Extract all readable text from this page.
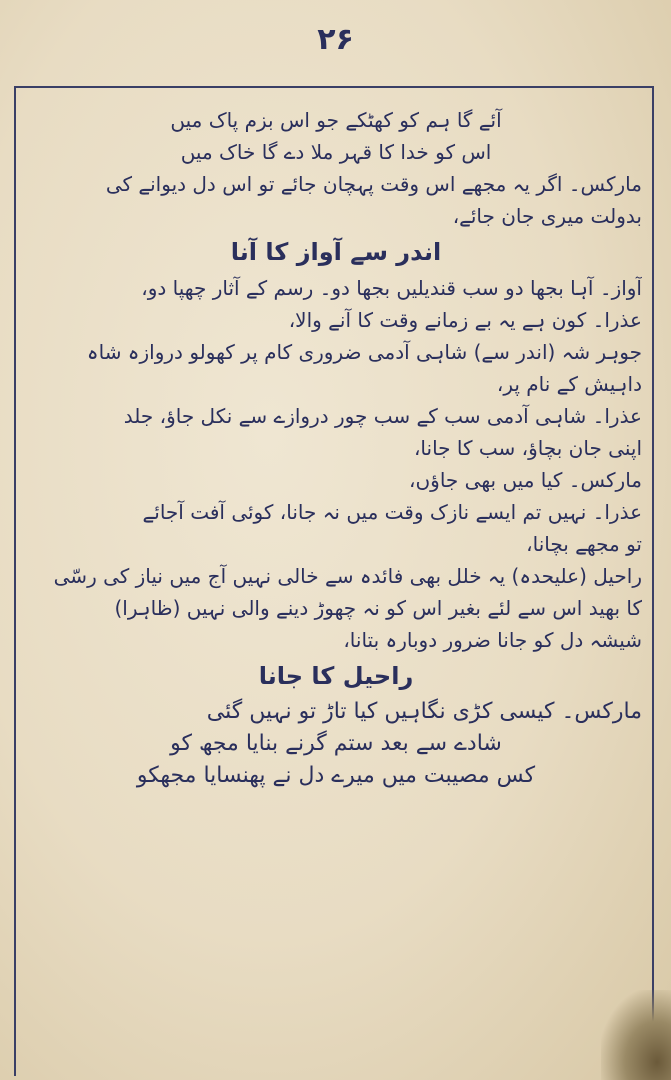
۲۶
آئے گا ہم کو کھٹکے جو اس بزم پاک میں
اس کو خدا کا قہر ملا دے گا خاک میں
مارکس۔ اگر یہ مجھے اس وقت پہچان جائے تو اس دل دیوانے کی
بدولت میری جان جائے،
اندر سے آواز کا آنا
آواز۔ آہا بجھا دو سب قندیلیں بجھا دو۔ رسم کے آثار چھپا دو،
عذرا۔ کون ہے یہ بے زمانے وقت کا آنے والا،
جوہر شہ (اندر سے) شاہی آدمی ضروری کام پر کھولو دروازہ شاہ
داہیش کے نام پر،
عذرا۔ شاہی آدمی سب کے سب چور دروازے سے نکل جاؤ، جلد
اپنی جان بچاؤ، سب کا جانا،
مارکس۔ کیا میں بھی جاؤں،
عذرا۔ نہیں تم ایسے نازک وقت میں نہ جانا، کوئی آفت آجائے
تو مجھے بچانا،
راحیل (علیحدہ) یہ خلل بھی فائدہ سے خالی نہیں آج میں نیاز کی رسّی
کا بھید اس سے لئے بغیر اس کو نہ چھوڑ دینے والی نہیں (ظاہرا)
شیشہ دل کو جانا ضرور دوبارہ بتانا،
راحیل کا جانا
مارکس۔ کیسی کڑی نگاہیں کیا تاڑ تو نہیں گئی
شادے سے بعد ستم گرنے بنایا مجھ کو
کس مصیبت میں میرے دل نے پھنسایا مجھکو
